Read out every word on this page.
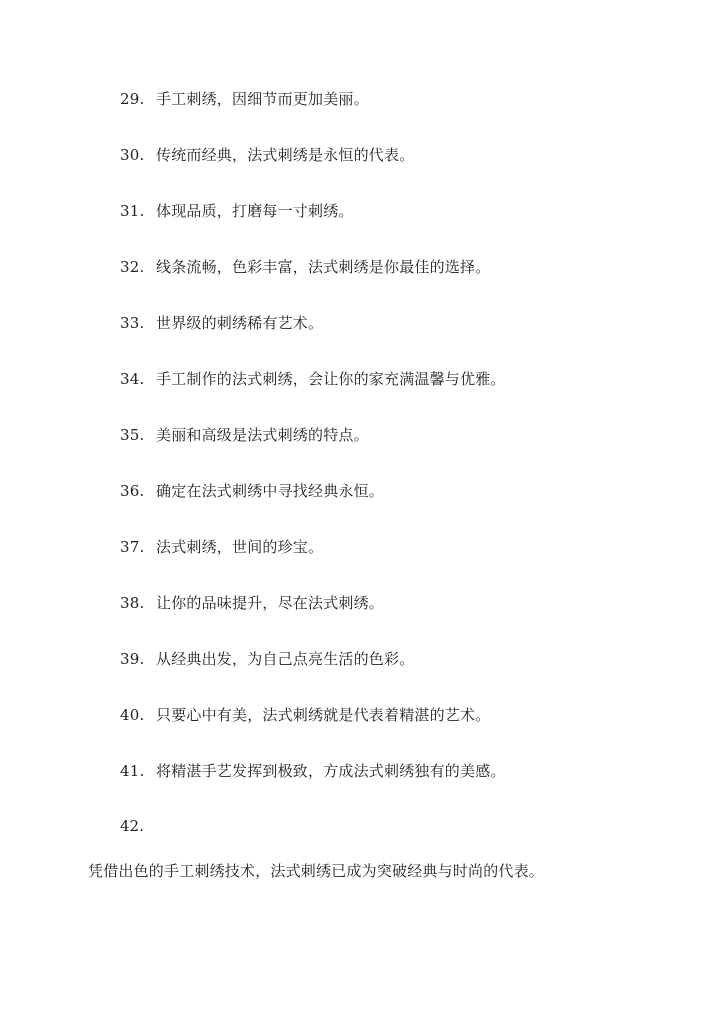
29. 手工刺绣，因细节而更加美丽。
30. 传统而经典，法式刺绣是永恒的代表。
31. 体现品质，打磨每一寸刺绣。
32. 线条流畅，色彩丰富，法式刺绣是你最佳的选择。
33. 世界级的刺绣稀有艺术。
34. 手工制作的法式刺绣，会让你的家充满温馨与优雅。
35. 美丽和高级是法式刺绣的特点。
36. 确定在法式刺绣中寻找经典永恒。
37. 法式刺绣，世间的珍宝。
38. 让你的品味提升，尽在法式刺绣。
39. 从经典出发，为自己点亮生活的色彩。
40. 只要心中有美，法式刺绣就是代表着精湛的艺术。
41. 将精湛手艺发挥到极致，方成法式刺绣独有的美感。
42.
凭借出色的手工刺绣技术，法式刺绣已成为突破经典与时尚的代表。
